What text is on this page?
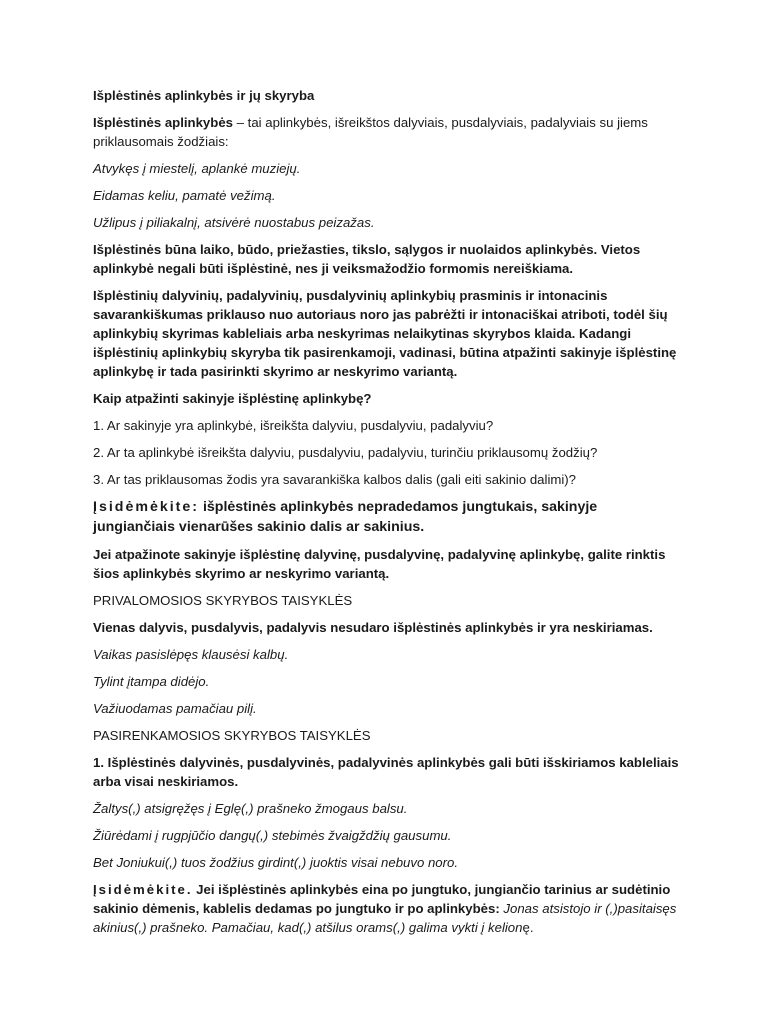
Išplėstinės aplinkybės ir jų skyryba

Išplėstinės aplinkybės – tai aplinkybės, išreikštos dalyviais, pusdalyviais, padalyviais su jiems priklausomais žodžiais:

Atvykęs į miestelį, aplankė muziejų.

Eidamas keliu, pamatė vežimą.

Užlipus į piliakalnį, atsivėrė nuostabus peizažas.

Išplėstinės būna laiko, būdo, priežasties, tikslo, sąlygos ir nuolaidos aplinkybės. Vietos aplinkybė negali būti išplėstinė, nes ji veiksmažodžio formomis nereiškiama.

Išplėstinių dalyvinių, padalyvinių, pusdalyvinių aplinkybių prasminis ir intonacinis savarankiškumas priklauso nuo autoriaus noro jas pabrėžti ir intonaciškai atriboti, todėl šių aplinkybių skyrimas kableliais arba neskyrimas nelaikytinas skyrybos klaida. Kadangi išplėstinių aplinkybių skyryba tik pasirenkamoji, vadinasi, būtina atpažinti sakinyje išplėstinę aplinkybę ir tada pasirinkti skyrimo ar neskyrimo variantą.

Kaip atpažinti sakinyje išplėstinę aplinkybę?

1. Ar sakinyje yra aplinkybė, išreikšta dalyviu, pusdalyviu, padalyviu?

2. Ar ta aplinkybė išreikšta dalyviu, pusdalyviu, padalyviu, turinčiu priklausomų žodžių?

3. Ar tas priklausomas žodis yra savarankiška kalbos dalis (gali eiti sakinio dalimi)?

Įsidėmėkite: išplėstinės aplinkybės nepradedamos jungtukais, sakinyje jungiančiais vienarūšes sakinio dalis ar sakinius.

Jei atpažinote sakinyje išplėstinę dalyvinę, pusdalyvinę, padalyvinę aplinkybę, galite rinktis šios aplinkybės skyrimo ar neskyrimo variantą.

PRIVALOMOSIOS SKYRYBOS TAISYKLĖS

Vienas dalyvis, pusdalyvis, padalyvis nesudaro išplėstinės aplinkybės ir yra neskiriamas.

Vaikas pasislėpęs klausėsi kalbų.

Tylint įtampa didėjo.

Važiuodamas pamačiau pilį.

PASIRENKAMOSIOS SKYRYBOS TAISYKLĖS

1. Išplėstinės dalyvinės, pusdalyvinės, padalyvinės aplinkybės gali būti išskiriamos kableliais arba visai neskiriamos.

Žaltys(,) atsigręžęs į Eglę(,) prašneko žmogaus balsu.

Žiūrėdami į rugpjūčio dangų(,) stebimės žvaigždžių gausumu.

Bet Joniukui(,) tuos žodžius girdint(,) juoktis visai nebuvo noro.

Įsidėmėkite. Jei išplėstinės aplinkybės eina po jungtuko, jungiančio tarinius ar sudėtinio sakinio dėmenis, kablelis dedamas po jungtuko ir po aplinkybės: Jonas atsistojo ir (,)pasitaisęs akinius(,) prašneko. Pamačiau, kad(,) atšilus orams(,) galima vykti į kelionę.
